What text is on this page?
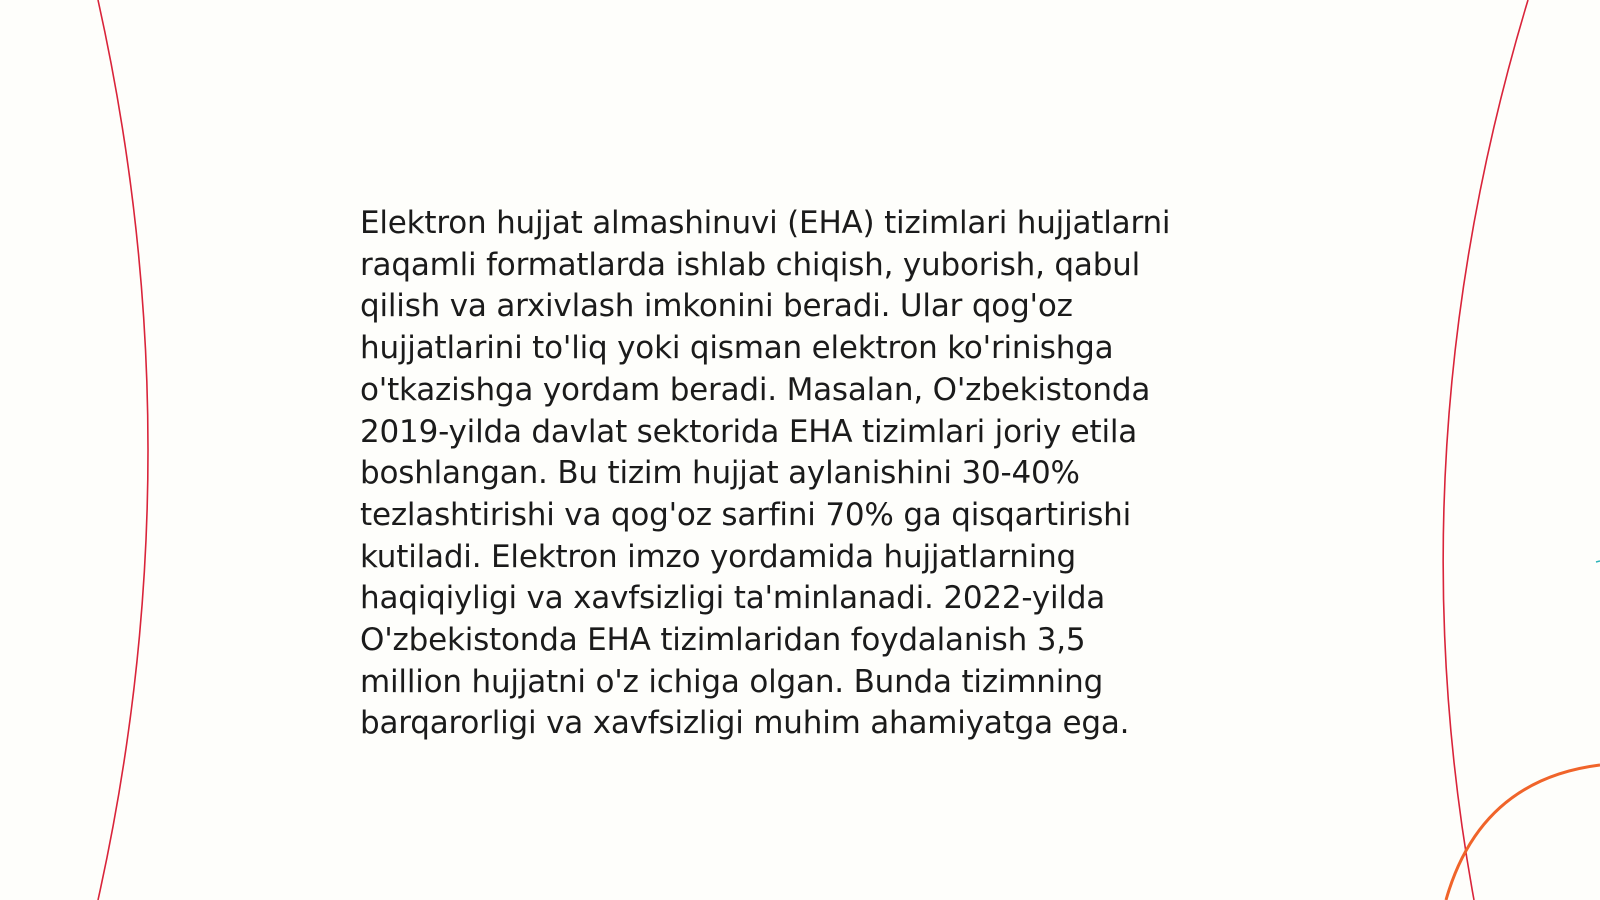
Elektron hujjat almashinuvi (EHA) tizimlari hujjatlarni
raqamli formatlarda ishlab chiqish, yuborish, qabul
qilish va arxivlash imkonini beradi. Ular qog'oz
hujjatlarini to'liq yoki qisman elektron ko'rinishga
o'tkazishga yordam beradi. Masalan, O'zbekistonda
2019-yilda davlat sektorida EHA tizimlari joriy etila
boshlangan. Bu tizim hujjat aylanishini 30-40%
tezlashtirishi va qog'oz sarfini 70% ga qisqartirishi
kutiladi. Elektron imzo yordamida hujjatlarning
haqiqiyligi va xavfsizligi ta'minlanadi. 2022-yilda
O'zbekistonda EHA tizimlaridan foydalanish 3,5
million hujjatni o'z ichiga olgan. Bunda tizimning
barqarorligi va xavfsizligi muhim ahamiyatga ega.
